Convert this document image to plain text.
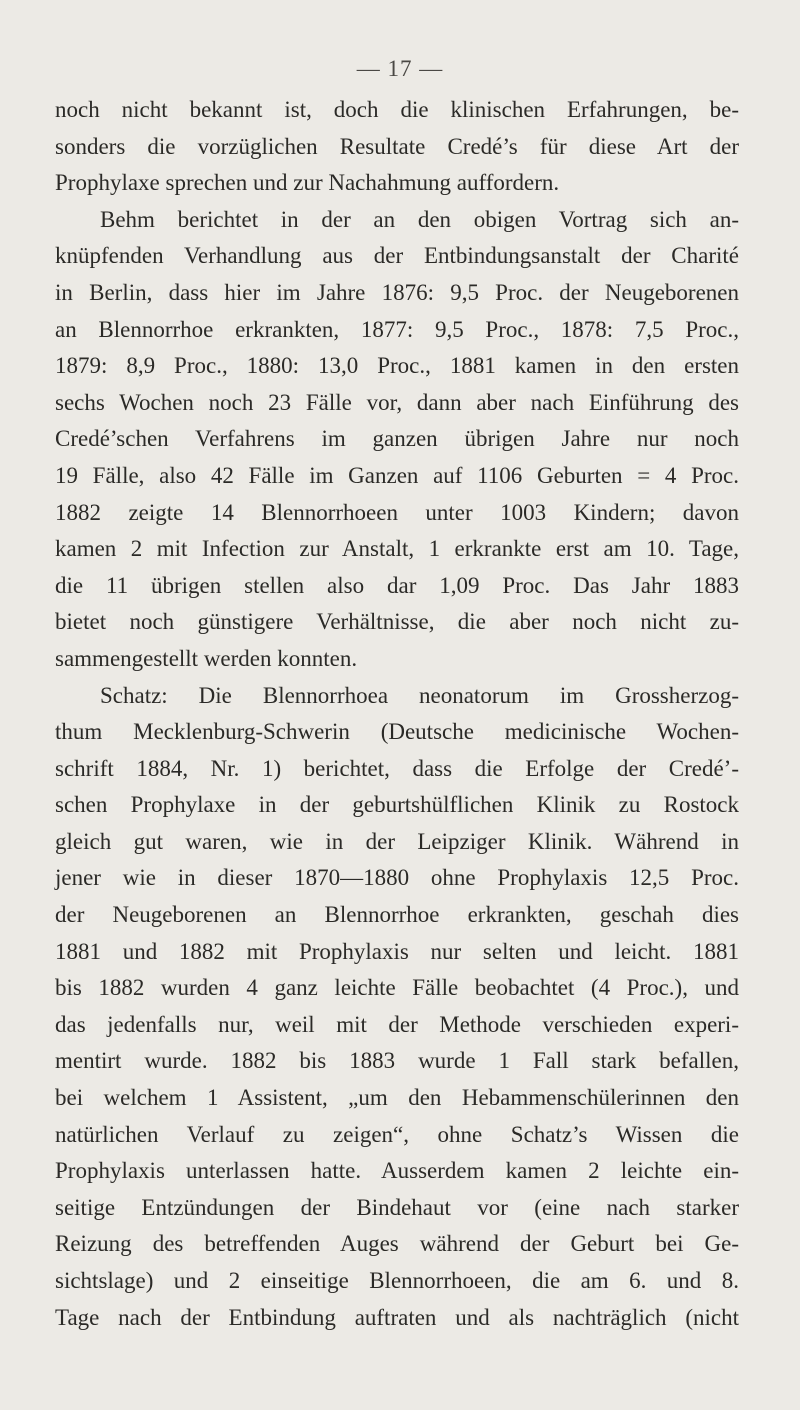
— 17 —
noch nicht bekannt ist, doch die klinischen Erfahrungen, be-
sonders die vorzüglichen Resultate Credé’s für diese Art der
Prophylaxe sprechen und zur Nachahmung auffordern.
Behm berichtet in der an den obigen Vortrag sich an-
knüpfenden Verhandlung aus der Entbindungsanstalt der Charité
in Berlin, dass hier im Jahre 1876: 9,5 Proc. der Neugeborenen
an Blennorrhoe erkrankten, 1877: 9,5 Proc., 1878: 7,5 Proc.,
1879: 8,9 Proc., 1880: 13,0 Proc., 1881 kamen in den ersten
sechs Wochen noch 23 Fälle vor, dann aber nach Einführung des
Credé’schen Verfahrens im ganzen übrigen Jahre nur noch
19 Fälle, also 42 Fälle im Ganzen auf 1106 Geburten = 4 Proc.
1882 zeigte 14 Blennorrhoeen unter 1003 Kindern; davon
kamen 2 mit Infection zur Anstalt, 1 erkrankte erst am 10. Tage,
die 11 übrigen stellen also dar 1,09 Proc. Das Jahr 1883
bietet noch günstigere Verhältnisse, die aber noch nicht zu-
sammengestellt werden konnten.
Schatz: Die Blennorrhoea neonatorum im Grossherzog-
thum Mecklenburg-Schwerin (Deutsche medicinische Wochen-
schrift 1884, Nr. 1) berichtet, dass die Erfolge der Credé’-
schen Prophylaxe in der geburtshülflichen Klinik zu Rostock
gleich gut waren, wie in der Leipziger Klinik. Während in
jener wie in dieser 1870—1880 ohne Prophylaxis 12,5 Proc.
der Neugeborenen an Blennorrhoe erkrankten, geschah dies
1881 und 1882 mit Prophylaxis nur selten und leicht. 1881
bis 1882 wurden 4 ganz leichte Fälle beobachtet (4 Proc.), und
das jedenfalls nur, weil mit der Methode verschieden experi-
mentirt wurde. 1882 bis 1883 wurde 1 Fall stark befallen,
bei welchem 1 Assistent, „um den Hebammenschülerinnen den
natürlichen Verlauf zu zeigen“, ohne Schatz’s Wissen die
Prophylaxis unterlassen hatte. Ausserdem kamen 2 leichte ein-
seitige Entzündungen der Bindehaut vor (eine nach starker
Reizung des betreffenden Auges während der Geburt bei Ge-
sichtslage) und 2 einseitige Blennorrhoeen, die am 6. und 8.
Tage nach der Entbindung auftraten und als nachträglich (nicht
